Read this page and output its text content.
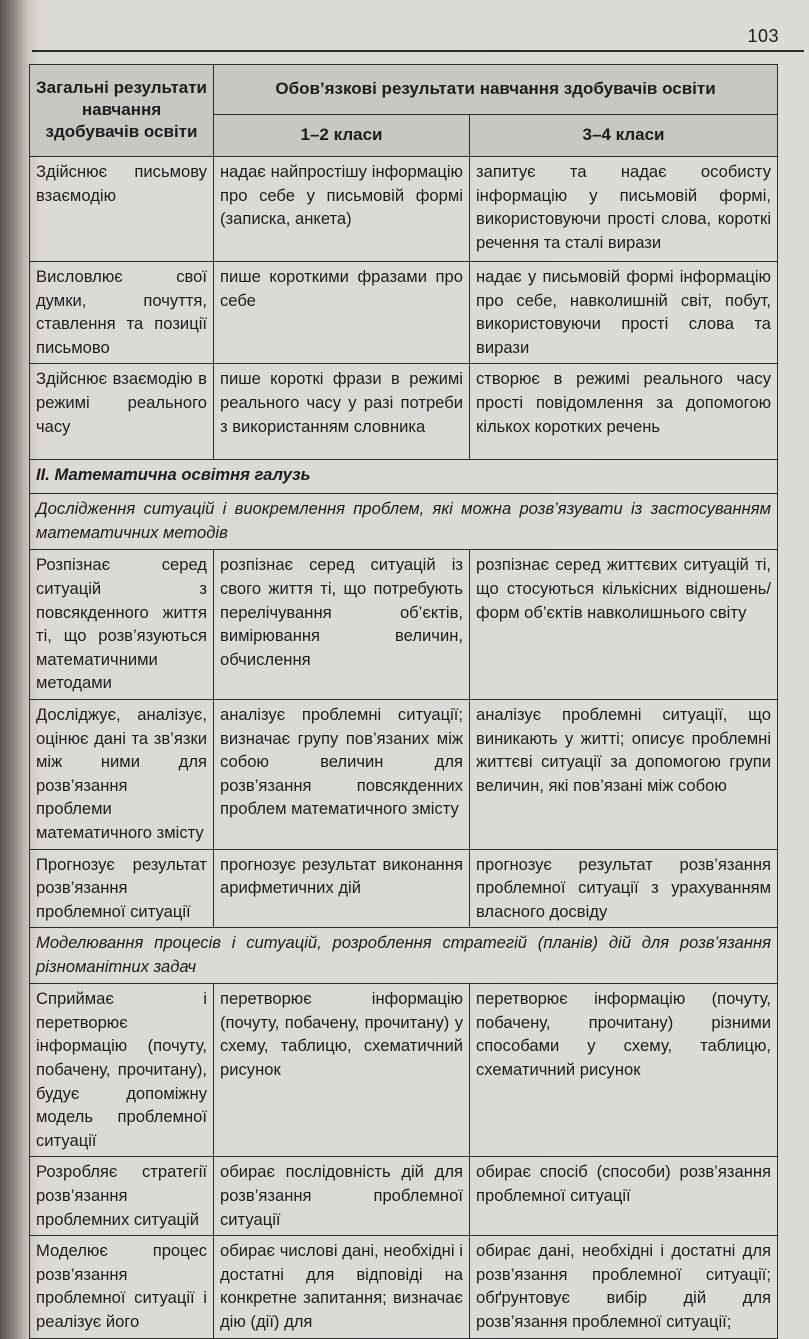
103
Загальні результати навчання здобувачів освіти	Обов’язкові результати навчання здобувачів освіти	
	1–2 класи	3–4 класи
Здійснює письмову взаємодію	надає найпростішу інформацію про себе у письмовій формі (записка, анкета)	запитує та надає особисту інформацію у письмовій формі, використовуючи прості слова, короткі речення та сталі вирази
Висловлює свої думки, почуття, ставлення та позиції письмово	пише короткими фразами про себе	надає у письмовій формі інформацію про себе, навколишній світ, побут, використовуючи прості слова та вирази
Здійснює взаємодію в режимі реального часу	пише короткі фрази в режимі реального часу у разі потреби з використанням словника	створює в режимі реального часу прості повідомлення за допомогою кількох коротких речень
ІІ. Математична освітня галузь		
Дослідження ситуацій і виокремлення проблем, які можна розв’язувати із застосуванням математичних методів		
Розпізнає серед ситуацій з повсякденного життя ті, що розв’язуються математичними методами	розпізнає серед ситуацій із свого життя ті, що потребують перелічування об’єктів, вимірювання величин, обчислення	розпізнає серед життєвих ситуацій ті, що стосуються кількісних відношень/форм об’єктів навколишнього світу
Досліджує, аналізує, оцінює дані та зв’язки між ними для розв’язання проблеми математичного змісту	аналізує проблемні ситуації; визначає групу пов’язаних між собою величин для розв’язання повсякденних проблем математичного змісту	аналізує проблемні ситуації, що виникають у житті; описує проблемні життєві ситуації за допомогою групи величин, які пов’язані між собою
Прогнозує результат розв’язання проблемної ситуації	прогнозує результат виконання арифметичних дій	прогнозує результат розв’язання проблемної ситуації з урахуванням власного досвіду
Моделювання процесів і ситуацій, розроблення стратегій (планів) дій для розв’язання різноманітних задач		
Сприймає і перетворює інформацію (почуту, побачену, прочитану), будує допоміжну модель проблемної ситуації	перетворює інформацію (почуту, побачену, прочитану) у схему, таблицю, схематичний рисунок	перетворює інформацію (почуту, побачену, прочитану) різними способами у схему, таблицю, схематичний рисунок
Розробляє стратегії розв’язання проблемних ситуацій	обирає послідовність дій для розв’язання проблемної ситуації	обирає спосіб (способи) розв’язання проблемної ситуації
Моделює процес розв’язання проблемної ситуації і реалізує його	обирає числові дані, необхідні і достатні для відповіді на конкретне запитання; визначає дію (дії) для	обирає дані, необхідні і достатні для розв’язання проблемної ситуації; обґрунтовує вибір дій для розв’язання проблемної ситуації;
